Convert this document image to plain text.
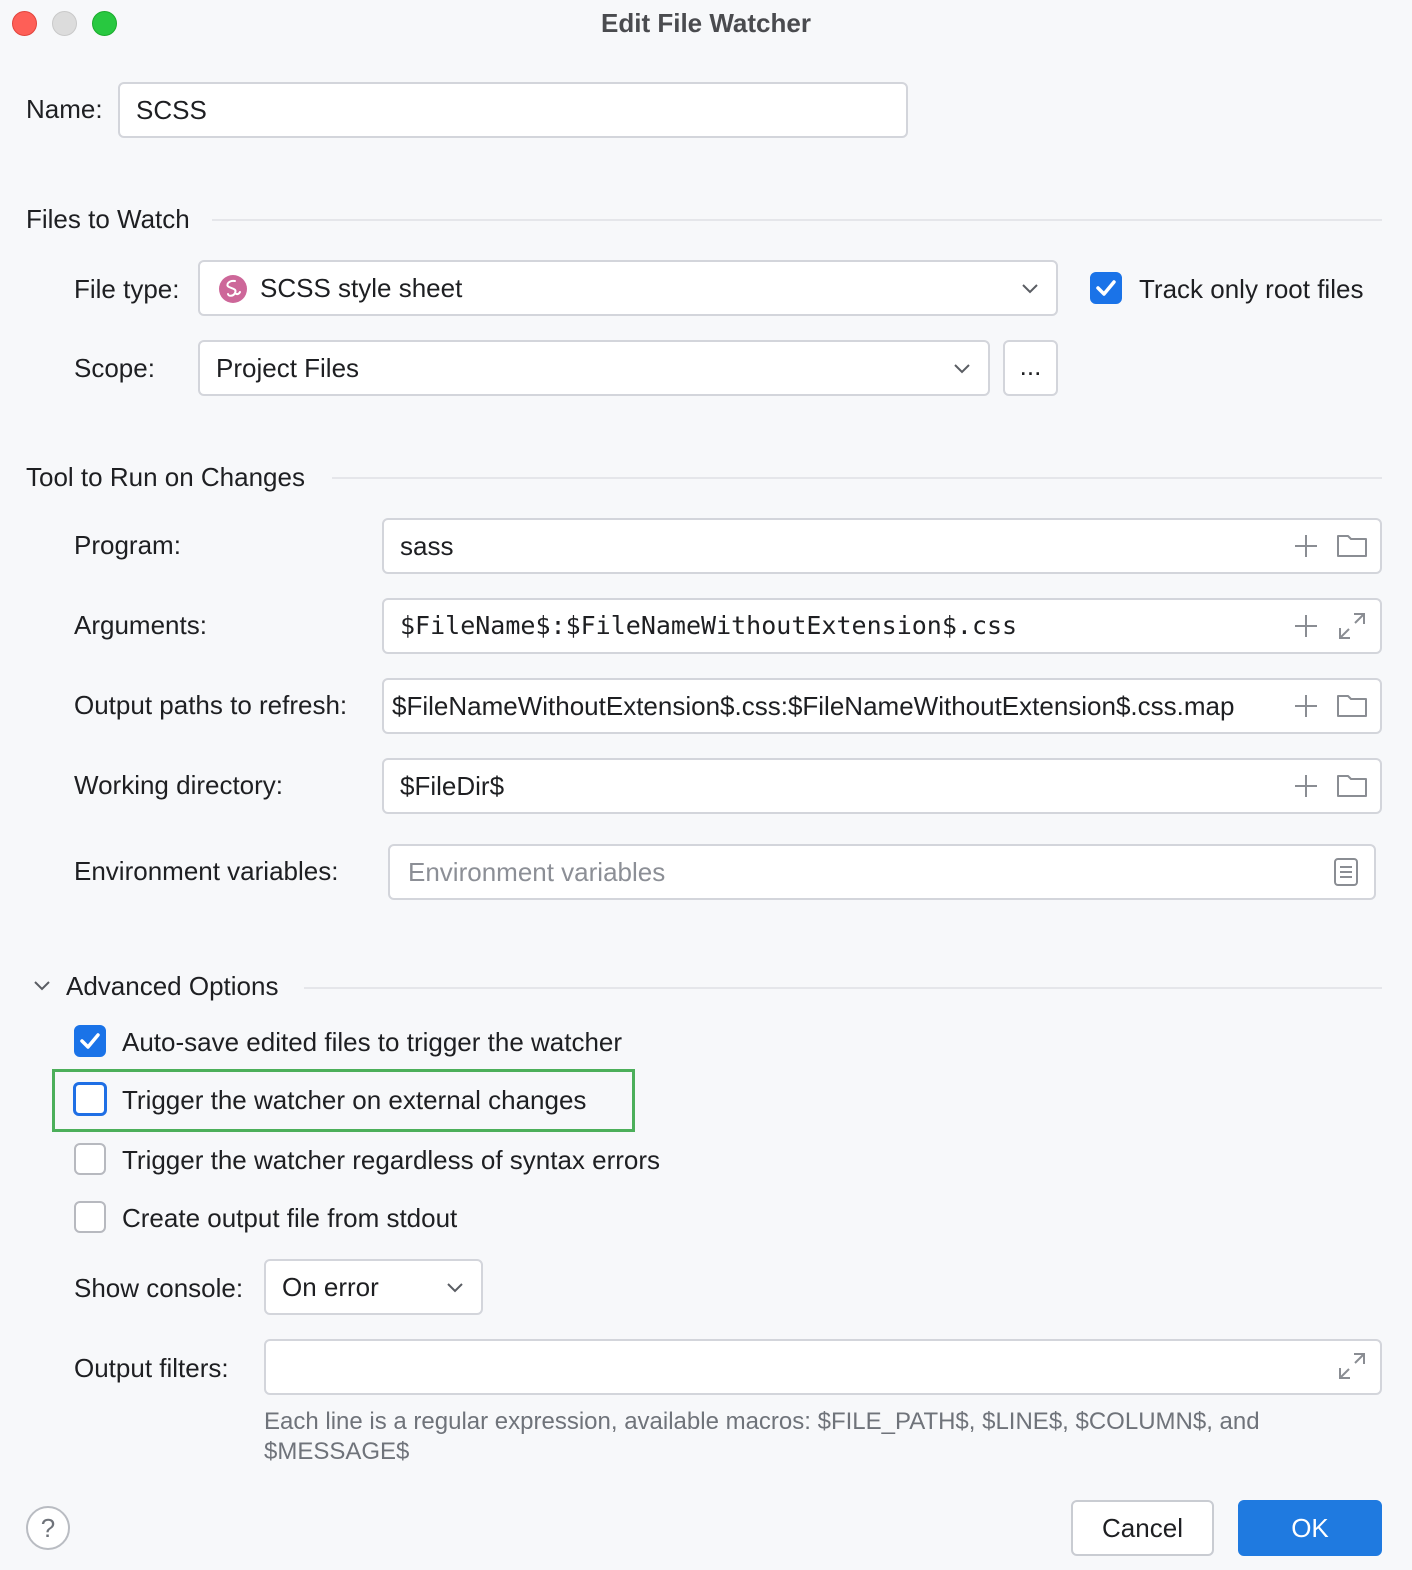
Edit File Watcher
Name:	SCSS
Files to Watch
File type:	SCSS style sheet	Track only root files
Scope:	Project Files	...
Tool to Run on Changes
Program:	sass
Arguments:	$FileName$:$FileNameWithoutExtension$.css
Output paths to refresh:	$FileNameWithoutExtension$.css:$FileNameWithoutExtension$.css.map
Working directory:	$FileDir$
Environment variables:	Environment variables
Advanced Options
Auto-save edited files to trigger the watcher
Trigger the watcher on external changes
Trigger the watcher regardless of syntax errors
Create output file from stdout
Show console:	On error
Output filters:
Each line is a regular expression, available macros: $FILE_PATH$, $LINE$, $COLUMN$, and
$MESSAGE$
?	Cancel	OK
